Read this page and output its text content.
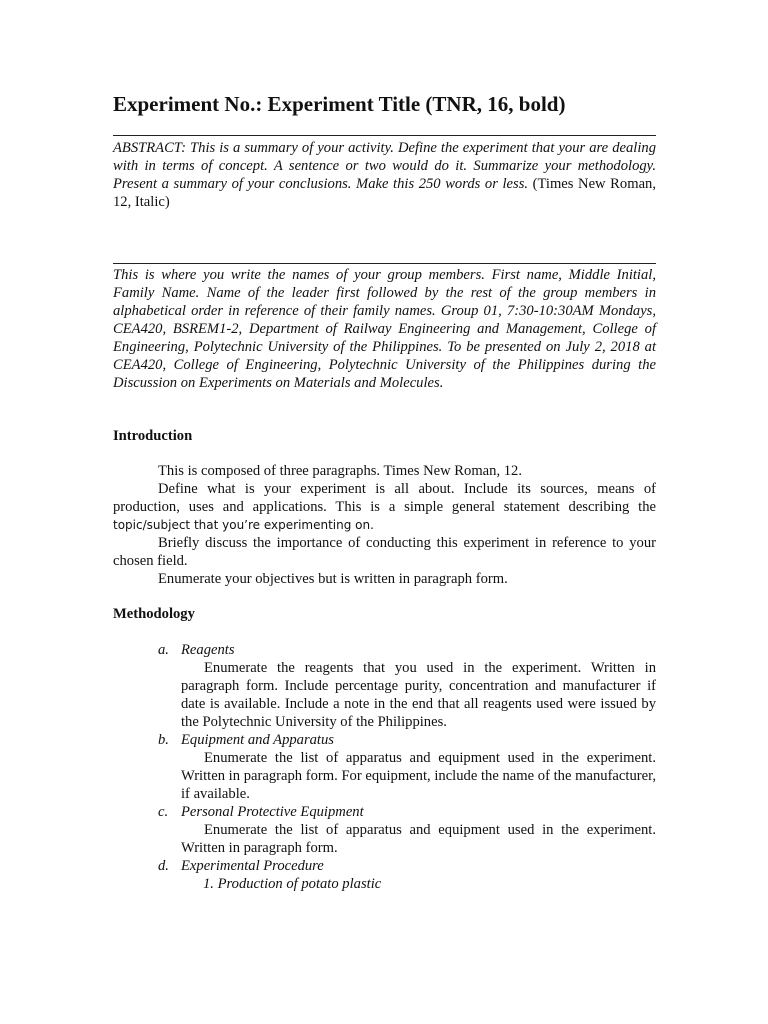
Experiment No.: Experiment Title (TNR, 16, bold)
ABSTRACT: This is a summary of your activity. Define the experiment that your are dealing with in terms of concept. A sentence or two would do it. Summarize your methodology. Present a summary of your conclusions. Make this 250 words or less. (Times New Roman, 12, Italic)
This is where you write the names of your group members. First name, Middle Initial, Family Name. Name of the leader first followed by the rest of the group members in alphabetical order in reference of their family names. Group 01, 7:30-10:30AM Mondays, CEA420, BSREM1-2, Department of Railway Engineering and Management, College of Engineering, Polytechnic University of the Philippines. To be presented on July 2, 2018 at CEA420, College of Engineering, Polytechnic University of the Philippines during the Discussion on Experiments on Materials and Molecules.
Introduction
This is composed of three paragraphs. Times New Roman, 12.
Define what is your experiment is all about. Include its sources, means of production, uses and applications. This is a simple general statement describing the topic/subject that you’re experimenting on.
Briefly discuss the importance of conducting this experiment in reference to your chosen field.
Enumerate your objectives but is written in paragraph form.
Methodology
a. Reagents
Enumerate the reagents that you used in the experiment. Written in paragraph form. Include percentage purity, concentration and manufacturer if date is available. Include a note in the end that all reagents used were issued by the Polytechnic University of the Philippines.
b. Equipment and Apparatus
Enumerate the list of apparatus and equipment used in the experiment. Written in paragraph form. For equipment, include the name of the manufacturer, if available.
c. Personal Protective Equipment
Enumerate the list of apparatus and equipment used in the experiment. Written in paragraph form.
d. Experimental Procedure
1. Production of potato plastic
